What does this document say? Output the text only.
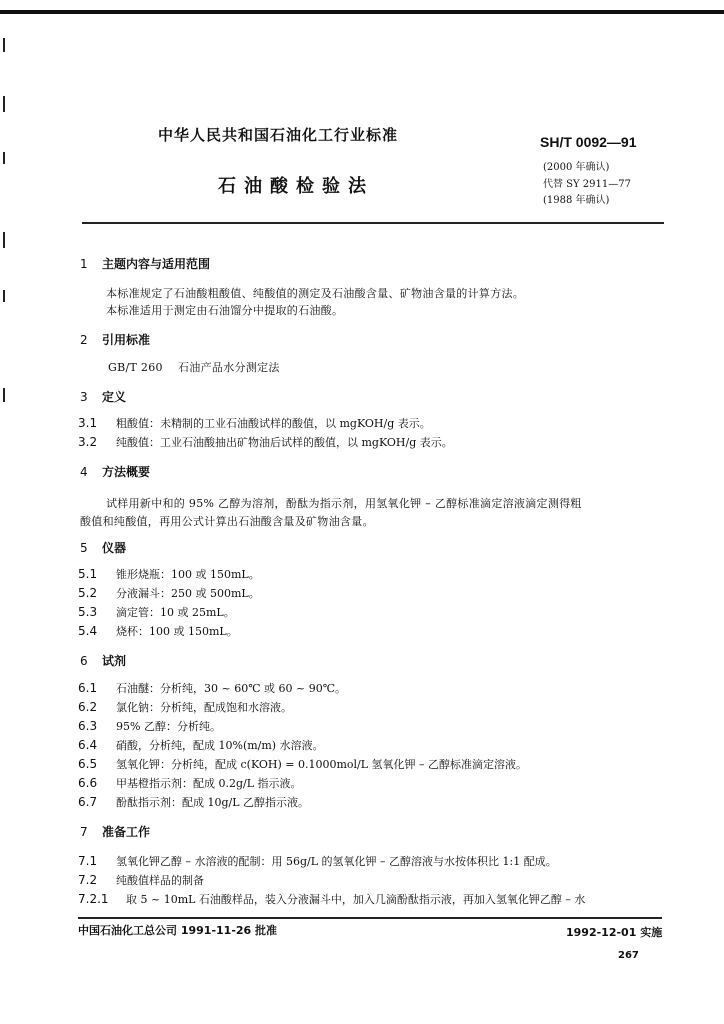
中华人民共和国石油化工行业标准
石油酸检验法
SH/T 0092—91
(2000 年确认)
代替 SY 2911—77
(1988 年确认)
1 主题内容与适用范围
本标准规定了石油酸粗酸值、纯酸值的测定及石油酸含量、矿物油含量的计算方法。
本标准适用于测定由石油馏分中提取的石油酸。
2 引用标准
GB/T 260    石油产品水分测定法
3 定义
3.1 粗酸值：未精制的工业石油酸试样的酸值，以 mgKOH/g 表示。
3.2 纯酸值：工业石油酸抽出矿物油后试样的酸值，以 mgKOH/g 表示。
4 方法概要
试样用新中和的 95% 乙醇为溶剂，酚酞为指示剂，用氢氧化钾 – 乙醇标准滴定溶液滴定测得粗
酸值和纯酸值，再用公式计算出石油酸含量及矿物油含量。
5 仪器
5.1 锥形烧瓶：100 或 150mL。
5.2 分液漏斗：250 或 500mL。
5.3 滴定管：10 或 25mL。
5.4 烧杯：100 或 150mL。
6 试剂
6.1 石油醚：分析纯，30 ~ 60℃ 或 60 ~ 90℃。
6.2 氯化钠：分析纯，配成饱和水溶液。
6.3 95% 乙醇：分析纯。
6.4 硝酸，分析纯，配成 10%(m/m) 水溶液。
6.5 氢氧化钾：分析纯，配成 c(KOH) = 0.1000mol/L 氢氧化钾 – 乙醇标准滴定溶液。
6.6 甲基橙指示剂：配成 0.2g/L 指示液。
6.7 酚酞指示剂：配成 10g/L 乙醇指示液。
7 准备工作
7.1 氢氧化钾乙醇 – 水溶液的配制：用 56g/L 的氢氧化钾 – 乙醇溶液与水按体积比 1:1 配成。
7.2 纯酸值样品的制备
7.2.1 取 5 ~ 10mL 石油酸样品，装入分液漏斗中，加入几滴酚酞指示液，再加入氢氧化钾乙醇 – 水
中国石油化工总公司 1991-11-26 批准	1992-12-01 实施
267
